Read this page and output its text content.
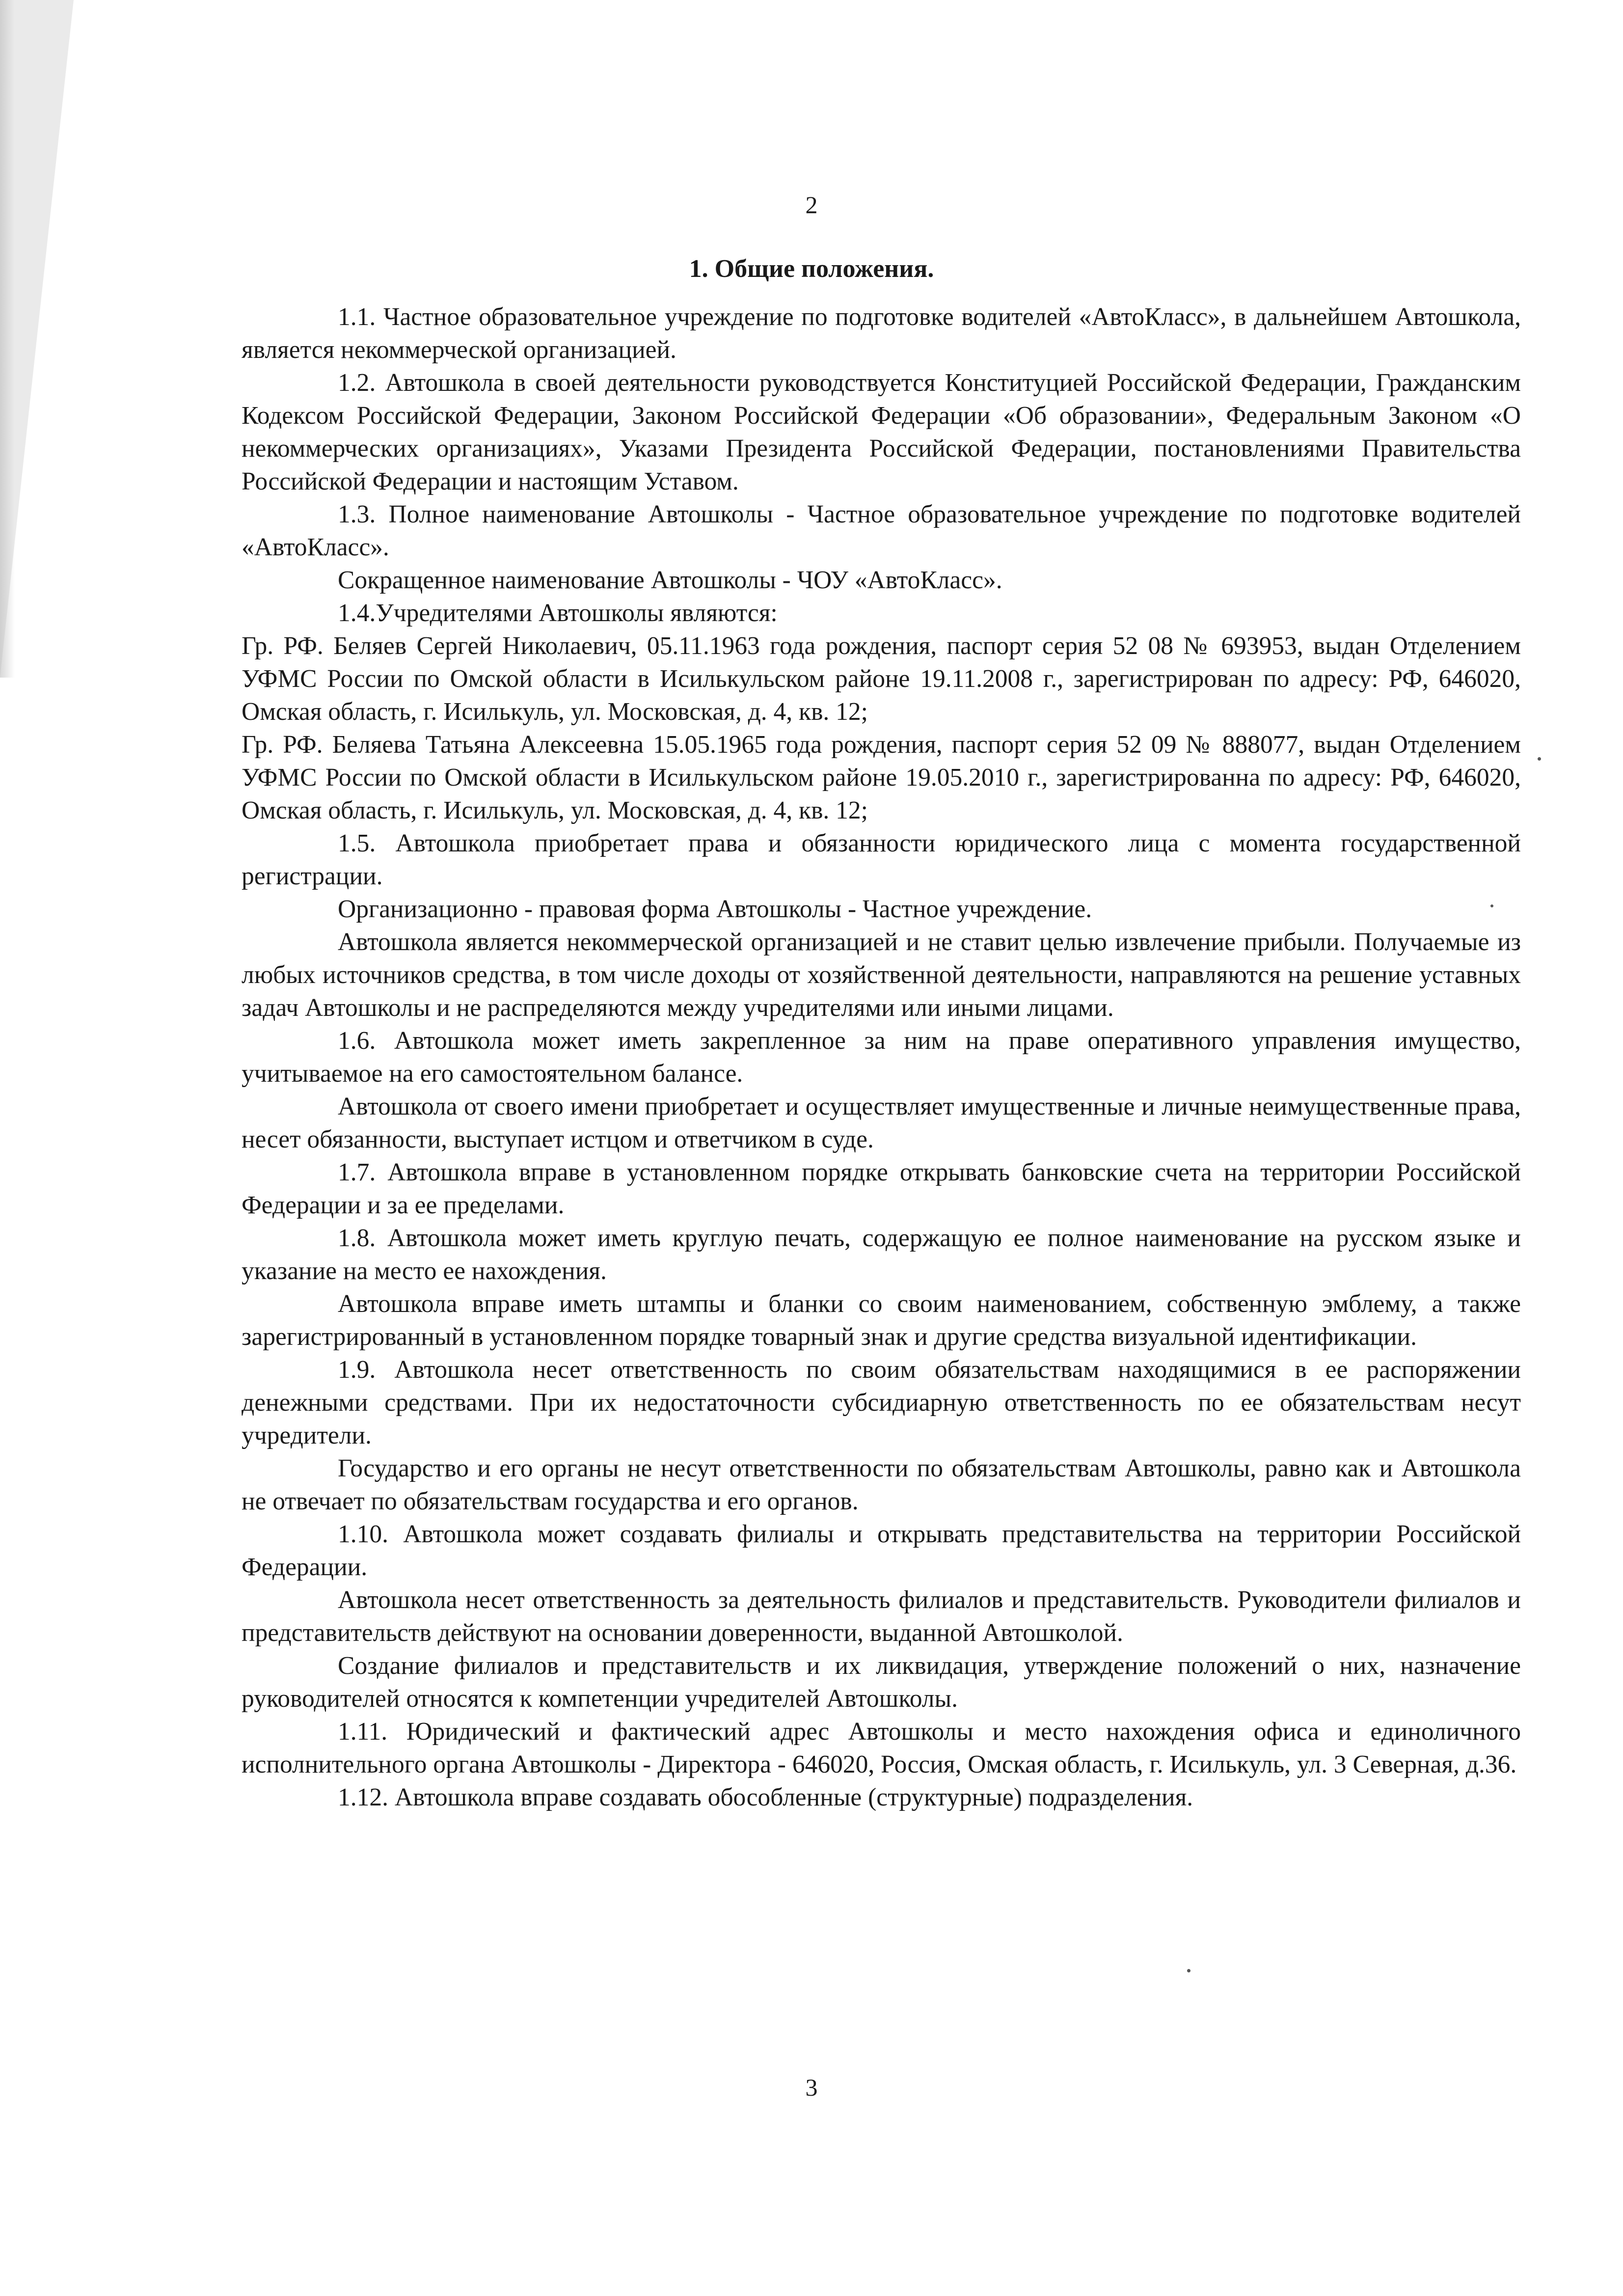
2
1. Общие положения.

1.1. Частное образовательное учреждение по подготовке водителей «АвтоКласс», в дальнейшем Автошкола, является некоммерческой организацией.

1.2. Автошкола в своей деятельности руководствуется Конституцией Российской Федерации, Гражданским Кодексом Российской Федерации, Законом Российской Федерации «Об образовании», Федеральным Законом «О некоммерческих организациях», Указами Президента Российской Федерации, постановлениями Правительства Российской Федерации и настоящим Уставом.

1.3. Полное наименование Автошколы - Частное образовательное учреждение по подготовке водителей «АвтоКласс».

Сокращенное наименование Автошколы - ЧОУ «АвтоКласс».

1.4.Учредителями Автошколы являются:

Гр. РФ. Беляев Сергей Николаевич, 05.11.1963 года рождения, паспорт серия 52 08 № 693953, выдан Отделением УФМС России по Омской области в Исилькульском районе 19.11.2008 г., зарегистрирован по адресу: РФ, 646020, Омская область, г. Исилькуль, ул. Московская, д. 4, кв. 12;

Гр. РФ. Беляева Татьяна Алексеевна 15.05.1965 года рождения, паспорт серия 52 09 № 888077, выдан Отделением УФМС России по Омской области в Исилькульском районе 19.05.2010 г., зарегистрированна по адресу: РФ, 646020, Омская область, г. Исилькуль, ул. Московская, д. 4, кв. 12;

1.5. Автошкола приобретает права и обязанности юридического лица с момента государственной регистрации.

Организационно - правовая форма Автошколы - Частное учреждение.

Автошкола является некоммерческой организацией и не ставит целью извлечение прибыли. Получаемые из любых источников средства, в том числе доходы от хозяйственной деятельности, направляются на решение уставных задач Автошколы и не распределяются между учредителями или иными лицами.

1.6. Автошкола может иметь закрепленное за ним на праве оперативного управления имущество, учитываемое на его самостоятельном балансе.

Автошкола от своего имени приобретает и осуществляет имущественные и личные неимущественные права, несет обязанности, выступает истцом и ответчиком в суде.

1.7. Автошкола вправе в установленном порядке открывать банковские счета на территории Российской Федерации и за ее пределами.

1.8. Автошкола может иметь круглую печать, содержащую ее полное наименование на русском языке и указание на место ее нахождения.

Автошкола вправе иметь штампы и бланки со своим наименованием, собственную эмблему, а также зарегистрированный в установленном порядке товарный знак и другие средства визуальной идентификации.

1.9. Автошкола несет ответственность по своим обязательствам находящимися в ее распоряжении денежными средствами. При их недостаточности субсидиарную ответственность по ее обязательствам несут учредители.

Государство и его органы не несут ответственности по обязательствам Автошколы, равно как и Автошкола не отвечает по обязательствам государства и его органов.

1.10. Автошкола может создавать филиалы и открывать представительства на территории Российской Федерации.

Автошкола несет ответственность за деятельность филиалов и представительств. Руководители филиалов и представительств действуют на основании доверенности, выданной Автошколой.

Создание филиалов и представительств и их ликвидация, утверждение положений о них, назначение руководителей относятся к компетенции учредителей Автошколы.

1.11. Юридический и фактический адрес Автошколы и место нахождения офиса и единоличного исполнительного органа Автошколы - Директора - 646020, Россия, Омская область, г. Исилькуль, ул. 3 Северная, д.36.

1.12. Автошкола вправе создавать обособленные (структурные) подразделения.

3
